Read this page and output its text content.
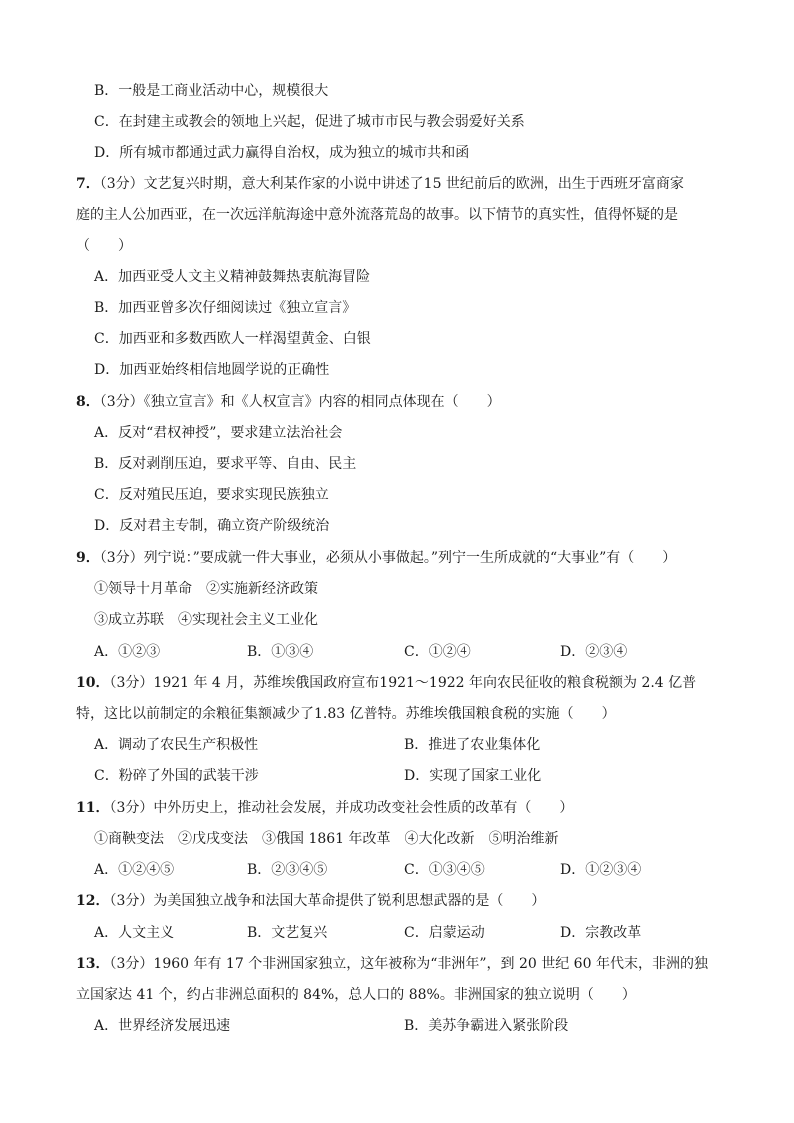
B．一般是工商业活动中心，规模很大
C．在封建主或教会的领地上兴起，促进了城市市民与教会弱爱好关系
D．所有城市都通过武力赢得自治权，成为独立的城市共和函
7．（3分）文艺复兴时期，意大利某作家的小说中讲述了15 世纪前后的欧洲，出生于西班牙富商家
庭的主人公加西亚，在一次远洋航海途中意外流落荒岛的故事。以下情节的真实性，值得怀疑的是
（　　）
A．加西亚受人文主义精神鼓舞热衷航海冒险
B．加西亚曾多次仔细阅读过《独立宣言》
C．加西亚和多数西欧人一样渴望黄金、白银
D．加西亚始终相信地圆学说的正确性
8．（3分）《独立宣言》和《人权宣言》内容的相同点体现在（　　）
A．反对“君权神授”，要求建立法治社会
B．反对剥削压迫，要求平等、自由、民主
C．反对殖民压迫，要求实现民族独立
D．反对君主专制，确立资产阶级统治
9．（3分）列宁说：”要成就一件大事业，必须从小事做起。”列宁一生所成就的“大事业”有（　　）
①领导十月革命　②实施新经济政策
③成立苏联　④实现社会主义工业化
A．①②③	B．①③④	C．①②④	D．②③④
10．（3分）1921 年 4 月，苏维埃俄国政府宣布1921～1922 年向农民征收的粮食税额为 2.4 亿普
特，这比以前制定的余粮征集额减少了1.83 亿普特。苏维埃俄国粮食税的实施（　　）
A．调动了农民生产积极性	B．推进了农业集体化
C．粉碎了外国的武装干涉	D．实现了国家工业化
11．（3分）中外历史上，推动社会发展，并成功改变社会性质的改革有（　　）
①商鞅变法　②戊戌变法　③俄国 1861 年改革　④大化改新　⑤明治维新
A．①②④⑤	B．②③④⑤	C．①③④⑤	D．①②③④
12．（3分）为美国独立战争和法国大革命提供了锐利思想武器的是（　　）
A．人文主义	B．文艺复兴	C．启蒙运动	D．宗教改革
13．（3分）1960 年有 17 个非洲国家独立，这年被称为“非洲年”，到 20 世纪 60 年代末，非洲的独
立国家达 41 个，约占非洲总面积的 84%，总人口的 88%。非洲国家的独立说明（　　）
A．世界经济发展迅速	B．美苏争霸进入紧张阶段
